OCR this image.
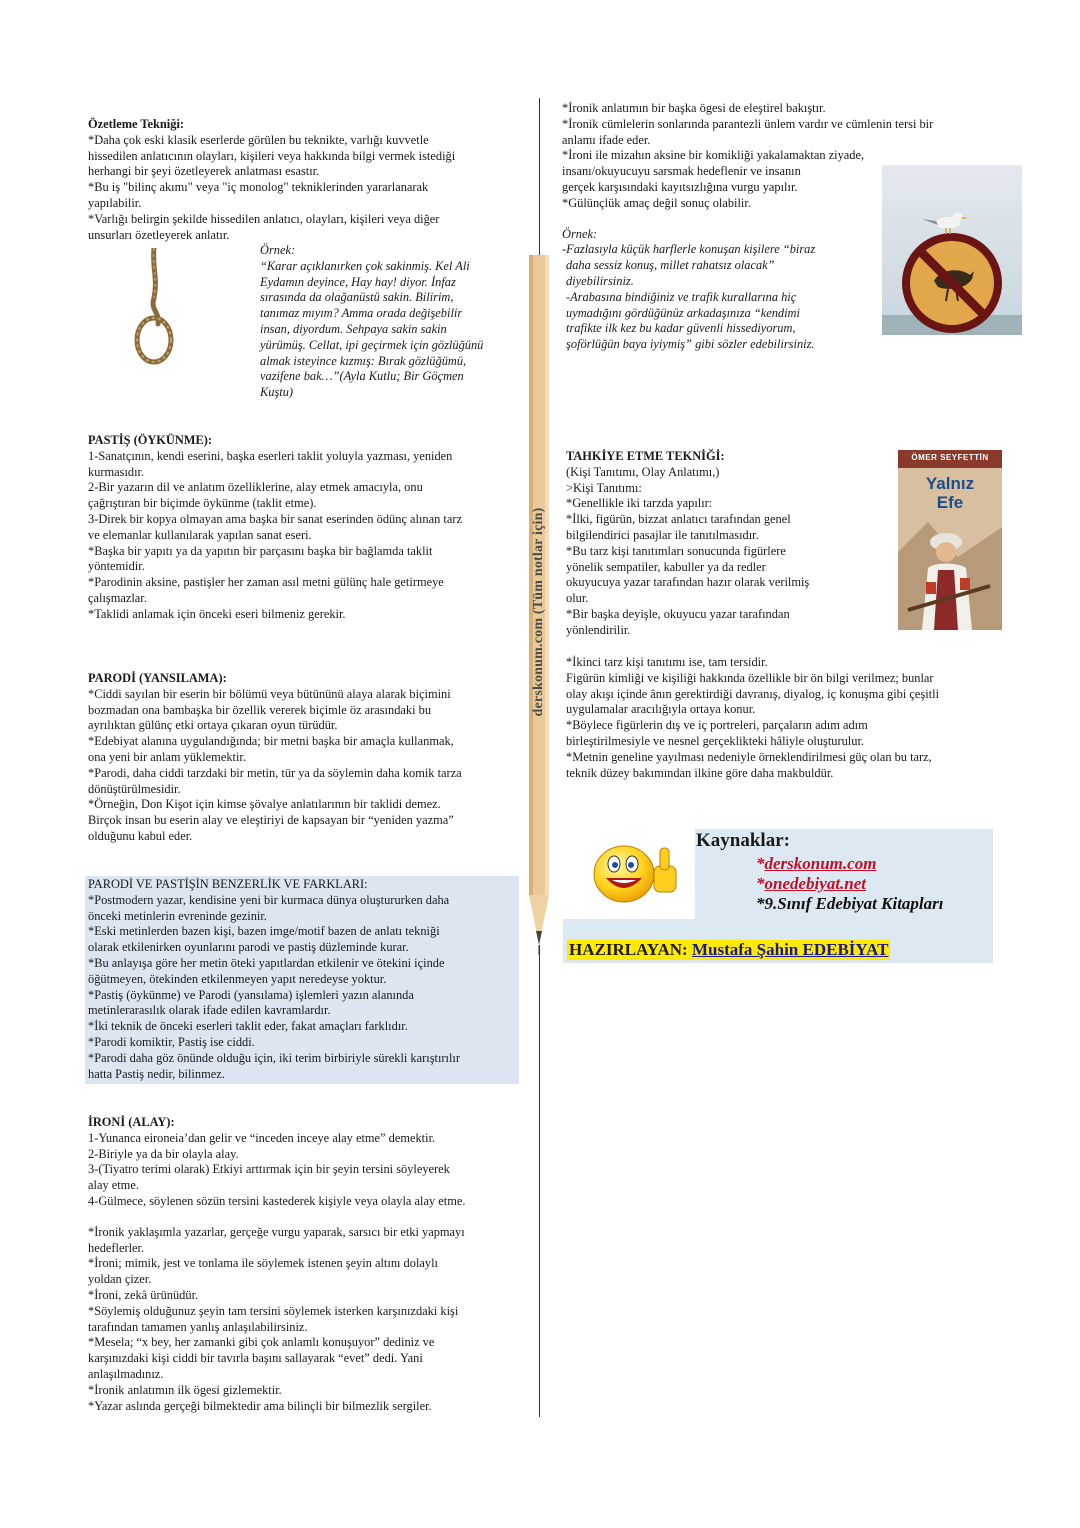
derskonum.com (Tüm notlar için)

Özetleme Tekniği:

*Daha çok eski klasik eserlerde görülen bu teknikte, varlığı kuvvetle

hissedilen anlatıcının olayları, kişileri veya hakkında bilgi vermek istediği

herhangi bir şeyi özetleyerek anlatması esastır.

*Bu iş "bilinç akımı" veya "iç monolog" tekniklerinden yararlanarak

yapılabilir.

*Varlığı belirgin şekilde hissedilen anlatıcı, olayları, kişileri veya diğer

unsurları özetleyerek anlatır.

Örnek:

“Karar açıklanırken çok sakinmiş. Kel Ali

Eydamın deyince, Hay hay! diyor. İnfaz

sırasında da olağanüstü sakin. Bilirim,

tanımaz mıyım? Amma orada değişebilir

insan, diyordum. Sehpaya sakin sakin

yürümüş. Cellat, ipi geçirmek için gözlüğünü

almak isteyince kızmış: Bırak gözlüğümü,

vazifene bak…”(Ayla Kutlu; Bir Göçmen

Kuştu)

PASTİŞ (ÖYKÜNME):

1-Sanatçının, kendi eserini, başka eserleri taklit yoluyla yazması, yeniden

kurmasıdır.

2-Bir yazarın dil ve anlatım özelliklerine, alay etmek amacıyla, onu

çağrıştıran bir biçimde öykünme (taklit etme).

3-Direk bir kopya olmayan ama başka bir sanat eserinden ödünç alınan tarz

ve elemanlar kullanılarak yapılan sanat eseri.

*Başka bir yapıtı ya da yapıtın bir parçasını başka bir bağlamda taklit

yöntemidir.

*Parodinin aksine, pastişler her zaman asıl metni gülünç hale getirmeye

çalışmazlar.

*Taklidi anlamak için önceki eseri bilmeniz gerekir.

PARODİ (YANSILAMA):

*Ciddi sayılan bir eserin bir bölümü veya bütününü alaya alarak biçimini

bozmadan ona bambaşka bir özellik vererek biçimle öz arasındaki bu

ayrılıktan gülünç etki ortaya çıkaran oyun türüdür.

*Edebiyat alanına uygulandığında; bir metni başka bir amaçla kullanmak,

ona yeni bir anlam yüklemektir.

*Parodi, daha ciddi tarzdaki bir metin, tür ya da söylemin daha komik tarza

dönüştürülmesidir.

*Örneğin, Don Kişot için kimse şövalye anlatılarının bir taklidi demez.

Birçok insan bu eserin alay ve eleştiriyi de kapsayan bir “yeniden yazma”

olduğunu kabul eder.

PARODİ VE PASTİŞİN BENZERLİK VE FARKLARI:

*Postmodern yazar, kendisine yeni bir kurmaca dünya oluştururken daha

önceki metinlerin evreninde gezinir.

*Eski metinlerden bazen kişi, bazen imge/motif bazen de anlatı tekniği

olarak etkilenirken oyunlarını parodi ve pastiş düzleminde kurar.

*Bu anlayışa göre her metin öteki yapıtlardan etkilenir ve ötekini içinde

öğütmeyen, ötekinden etkilenmeyen yapıt neredeyse yoktur.

*Pastiş (öykünme) ve Parodi (yansılama) işlemleri yazın alanında

metinlerarasılık olarak ifade edilen kavramlardır.

*İki teknik de önceki eserleri taklit eder, fakat amaçları farklıdır.

*Parodi komiktir, Pastiş ise ciddi.

*Parodi daha göz önünde olduğu için, iki terim birbiriyle sürekli karıştırılır

hatta Pastiş nedir, bilinmez.

İRONİ (ALAY):

1-Yunanca eironeia’dan gelir ve “inceden inceye alay etme” demektir.

2-Biriyle ya da bir olayla alay.

3-(Tiyatro terimi olarak) Etkiyi arttırmak için bir şeyin tersini söyleyerek

alay etme.

4-Gülmece, söylenen sözün tersini kastederek kişiyle veya olayla alay etme.

*İronik yaklaşımla yazarlar, gerçeğe vurgu yaparak, sarsıcı bir etki yapmayı

hedeflerler.

*İroni; mimik, jest ve tonlama ile söylemek istenen şeyin altını dolaylı

yoldan çizer.

*İroni, zekâ ürünüdür.

*Söylemiş olduğunuz şeyin tam tersini söylemek isterken karşınızdaki kişi

tarafından tamamen yanlış anlaşılabilirsiniz.

*Mesela; “x bey, her zamanki gibi çok anlamlı konuşuyor” dediniz ve

karşınızdaki kişi ciddi bir tavırla başını sallayarak “evet” dedi. Yani

anlaşılmadınız.

*İronik anlatımın ilk ögesi gizlemektir.

*Yazar aslında gerçeği bilmektedir ama bilinçli bir bilmezlik sergiler.

*İronik anlatımın bir başka ögesi de eleştirel bakıştır.

*İronik cümlelerin sonlarında parantezli ünlem vardır ve cümlenin tersi bir

anlamı ifade eder.

*İroni ile mizahın aksine bir komikliği yakalamaktan ziyade,

insanı/okuyucuyu sarsmak hedeflenir ve insanın

gerçek karşısındaki kayıtsızlığına vurgu yapılır.

*Gülünçlük amaç değil sonuç olabilir.

Örnek:

-Fazlasıyla küçük harflerle konuşan kişilere “biraz

daha sessiz konuş, millet rahatsız olacak”

diyebilirsiniz.

-Arabasına bindiğiniz ve trafik kurallarına hiç

uymadığını gördüğünüz arkadaşınıza “kendimi

trafikte ilk kez bu kadar güvenli hissediyorum,

şoförlüğün baya iyiymiş” gibi sözler edebilirsiniz.

TAHKİYE ETME TEKNİĞİ:

(Kişi Tanıtımı, Olay Anlatımı,)

>Kişi Tanıtımı:

*Genellikle iki tarzda yapılır:

*İlki, figürün, bizzat anlatıcı tarafından genel

bilgilendirici pasajlar ile tanıtılmasıdır.

*Bu tarz kişi tanıtımları sonucunda figürlere

yönelik sempatiler, kabuller ya da redler

okuyucuya yazar tarafından hazır olarak verilmiş

olur.

*Bir başka deyişle, okuyucu yazar tarafından

yönlendirilir.

*İkinci tarz kişi tanıtımı ise, tam tersidir.

Figürün kimliği ve kişiliği hakkında özellikle bir ön bilgi verilmez; bunlar

olay akışı içinde ânın gerektirdiği davranış, diyalog, iç konuşma gibi çeşitli

uygulamalar aracılığıyla ortaya konur.

*Böylece figürlerin dış ve iç portreleri, parçaların adım adım

birleştirilmesiyle ve nesnel gerçeklikteki hâliyle oluşturulur.

*Metnin geneline yayılması nedeniyle örneklendirilmesi güç olan bu tarz,

teknik düzey bakımından ilkine göre daha makbuldür.

ÖMER SEYFETTİN
Yalnız
Efe
Kaynaklar:
*derskonum.com
*onedebiyat.net
*9.Sınıf Edebiyat Kitapları
HAZIRLAYAN: Mustafa Şahin EDEBİYAT
